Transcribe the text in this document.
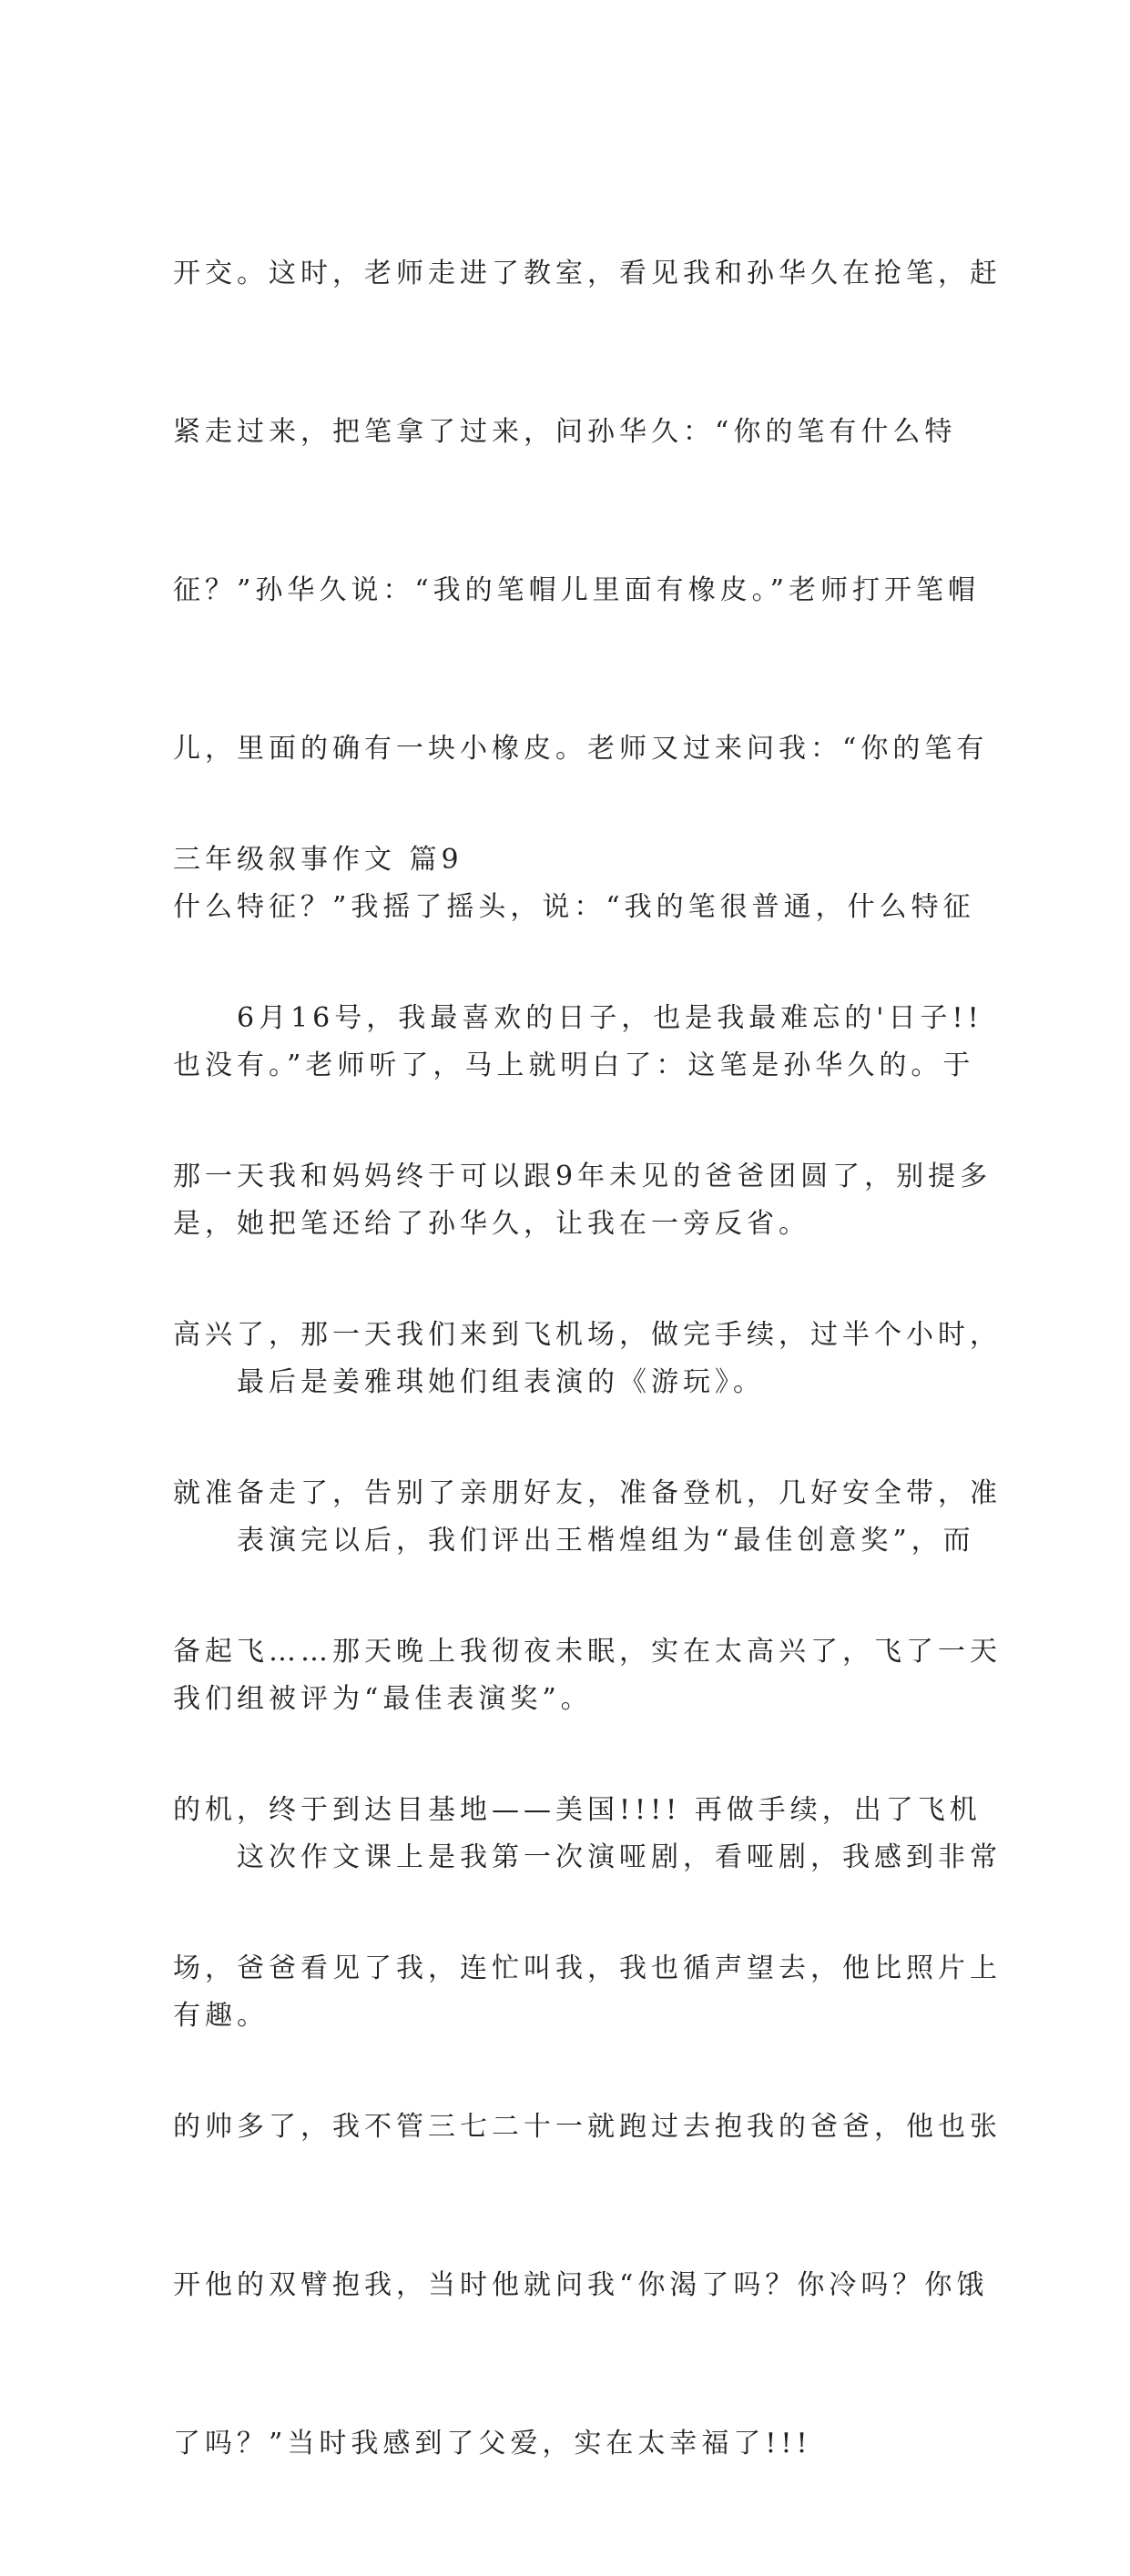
开交。这时，老师走进了教室，看见我和孙华久在抢笔，赶

紧走过来，把笔拿了过来，问孙华久：“你的笔有什么特

征？”孙华久说：“我的笔帽儿里面有橡皮。”老师打开笔帽

儿，里面的确有一块小橡皮。老师又过来问我：“你的笔有

什么特征？”我摇了摇头，说：“我的笔很普通，什么特征

也没有。”老师听了，马上就明白了：这笔是孙华久的。于

是，她把笔还给了孙华久，让我在一旁反省。

　　最后是姜雅琪她们组表演的《游玩》。

　　表演完以后，我们评出王楷煌组为“最佳创意奖”，而

我们组被评为“最佳表演奖”。

　　这次作文课上是我第一次演哑剧，看哑剧，我感到非常

有趣。

三年级叙事作文 篇9

　　6月16号，我最喜欢的日子，也是我最难忘的'日子!!

那一天我和妈妈终于可以跟9年未见的爸爸团圆了，别提多

高兴了，那一天我们来到飞机场，做完手续，过半个小时，

就准备走了，告别了亲朋好友，准备登机，几好安全带，准

备起飞……那天晚上我彻夜未眠，实在太高兴了，飞了一天

的机，终于到达目基地——美国!!!! 再做手续，出了飞机

场，爸爸看见了我，连忙叫我，我也循声望去，他比照片上

的帅多了，我不管三七二十一就跑过去抱我的爸爸，他也张

开他的双臂抱我，当时他就问我“你渴了吗？你冷吗？你饿

了吗？”当时我感到了父爱，实在太幸福了!!!
